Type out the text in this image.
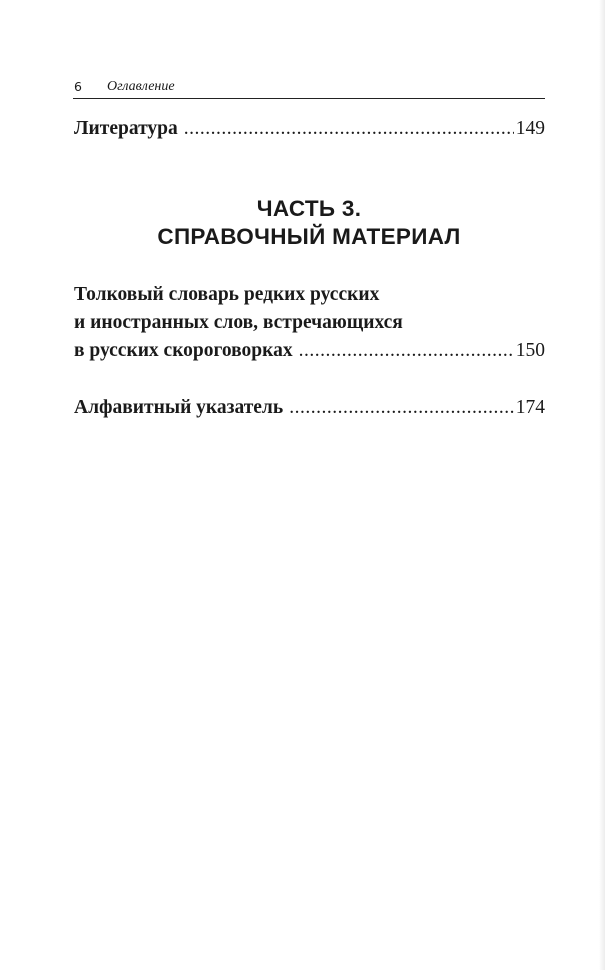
6 Оглавление
Литература .....	149
ЧАСТЬ 3.
СПРАВОЧНЫЙ МАТЕРИАЛ
Толковый словарь редких русских
и иностранных слов, встречающихся
в русских скороговорках .....	150
Алфавитный указатель .....	174
